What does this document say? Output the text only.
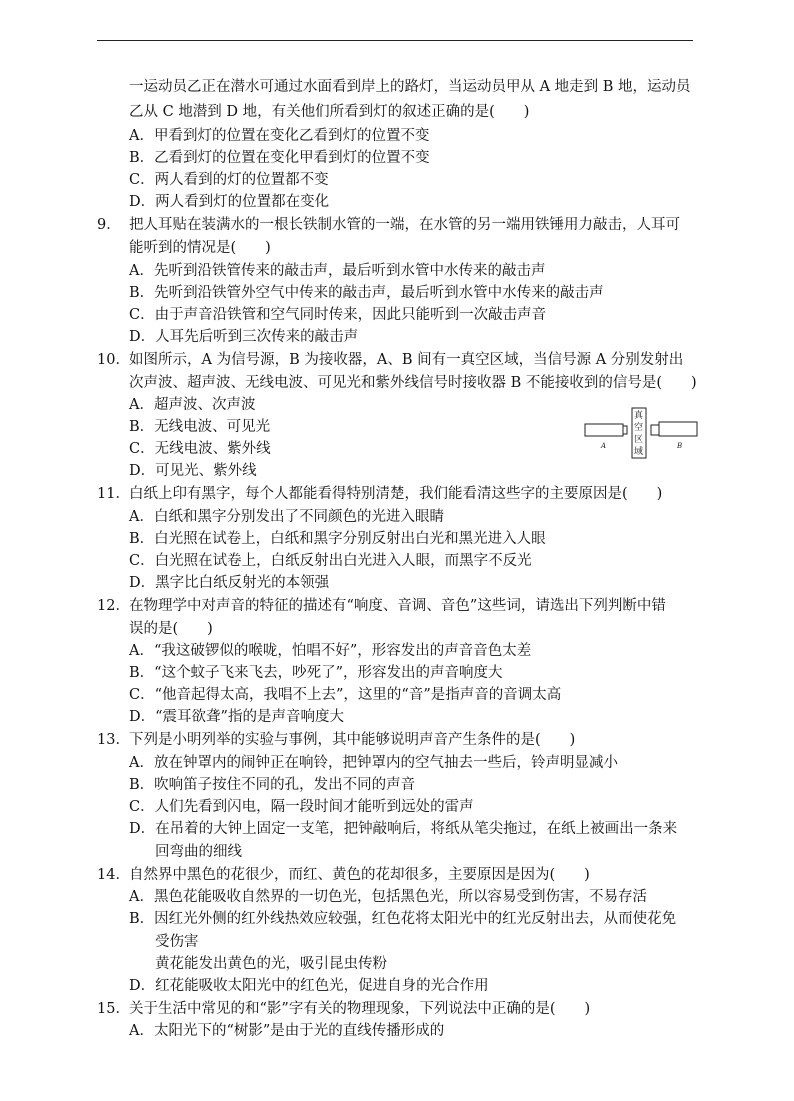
一运动员乙正在潜水可通过水面看到岸上的路灯，当运动员甲从 A 地走到 B 地，运动员
乙从 C 地潜到 D 地，有关他们所看到灯的叙述正确的是(　　)
A．甲看到灯的位置在变化乙看到灯的位置不变
B．乙看到灯的位置在变化甲看到灯的位置不变
C．两人看到的灯的位置都不变
D．两人看到灯的位置都在变化
9． 把人耳贴在装满水的一根长铁制水管的一端，在水管的另一端用铁锤用力敲击，人耳可
能听到的情况是(　　)
A．先听到沿铁管传来的敲击声，最后听到水管中水传来的敲击声
B．先听到沿铁管外空气中传来的敲击声，最后听到水管中水传来的敲击声
C．由于声音沿铁管和空气同时传来，因此只能听到一次敲击声音
D．人耳先后听到三次传来的敲击声
10． 如图所示，A 为信号源，B 为接收器，A、B 间有一真空区域，当信号源 A 分别发射出
次声波、超声波、无线电波、可见光和紫外线信号时接收器 B 不能接收到的信号是(　　)
A．超声波、次声波
B．无线电波、可见光
C．无线电波、紫外线
D．可见光、紫外线
A
真
空
区
域
B
11． 白纸上印有黑字，每个人都能看得特别清楚，我们能看清这些字的主要原因是(　　)
A．白纸和黑字分别发出了不同颜色的光进入眼睛
B．白光照在试卷上，白纸和黑字分别反射出白光和黑光进入人眼
C．白光照在试卷上，白纸反射出白光进入人眼，而黑字不反光
D．黑字比白纸反射光的本领强
12． 在物理学中对声音的特征的描述有“响度、音调、音色”这些词，请选出下列判断中错
误的是(　　)
A．“我这破锣似的喉咙，怕唱不好”，形容发出的声音音色太差
B．“这个蚊子飞来飞去，吵死了”，形容发出的声音响度大
C．“他音起得太高，我唱不上去”，这里的“音”是指声音的音调太高
D．“震耳欲聋”指的是声音响度大
13． 下列是小明列举的实验与事例，其中能够说明声音产生条件的是(　　)
A．放在钟罩内的闹钟正在响铃，把钟罩内的空气抽去一些后，铃声明显减小
B．吹响笛子按住不同的孔，发出不同的声音
C．人们先看到闪电，隔一段时间才能听到远处的雷声
D．在吊着的大钟上固定一支笔，把钟敲响后，将纸从笔尖拖过，在纸上被画出一条来
回弯曲的细线
14． 自然界中黑色的花很少，而红、黄色的花却很多，主要原因是因为(　　)
A．黑色花能吸收自然界的一切色光，包括黑色光，所以容易受到伤害，不易存活
B．因红光外侧的红外线热效应较强，红色花将太阳光中的红光反射出去，从而使花免
受伤害
黄花能发出黄色的光，吸引昆虫传粉
D．红花能吸收太阳光中的红色光，促进自身的光合作用
15． 关于生活中常见的和“影”字有关的物理现象，下列说法中正确的是(　　)
A．太阳光下的“树影”是由于光的直线传播形成的
